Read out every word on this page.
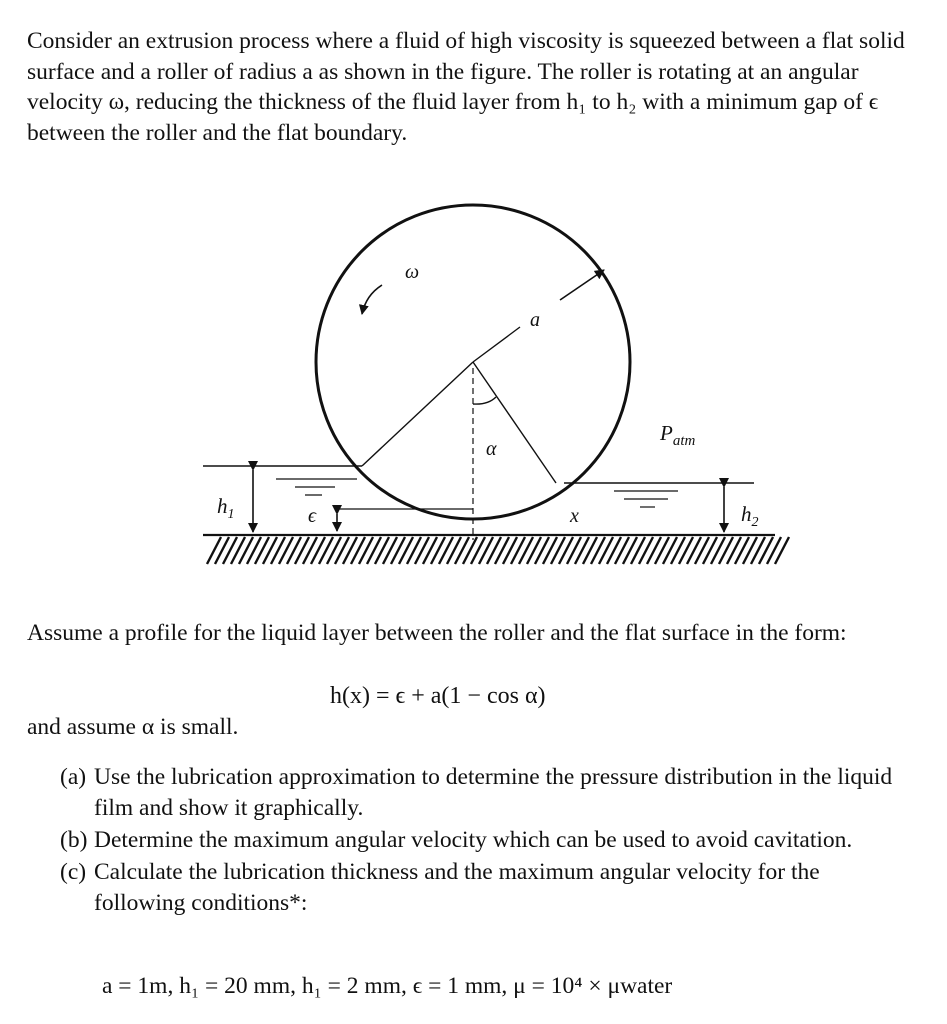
Consider an extrusion process where a fluid of high viscosity is squeezed between a flat solid surface and a roller of radius a as shown in the figure. The roller is rotating at an angular velocity ω, reducing the thickness of the fluid layer from h₁ to h₂ with a minimum gap of ϵ between the roller and the flat boundary.
ω
a
α
$P_{atm}$
$h_1$	ϵ	x	$h_2$
Assume a profile for the liquid layer between the roller and the flat surface in the form:
h(x) = ϵ + a(1 − cos α)
and assume α is small.
(a) Use the lubrication approximation to determine the pressure distribution in the liquid film and show it graphically.
(b) Determine the maximum angular velocity which can be used to avoid cavitation.
(c) Calculate the lubrication thickness and the maximum angular velocity for the following conditions*:
a = 1m, h₁ = 20 mm, h₁ = 2 mm, ϵ = 1 mm, μ = 10⁴ × μwater
